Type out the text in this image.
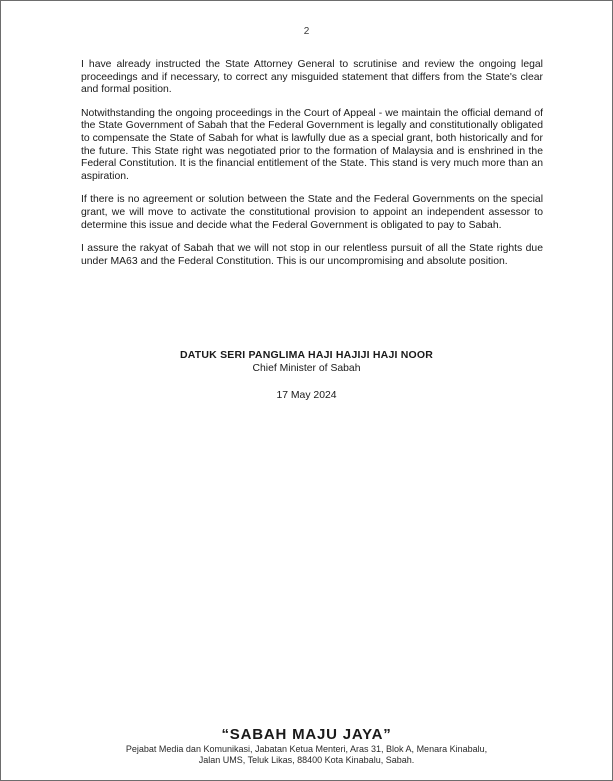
2

I have already instructed the State Attorney General to scrutinise and review the ongoing legal proceedings and if necessary, to correct any misguided statement that differs from the State's clear and formal position.

Notwithstanding the ongoing proceedings in the Court of Appeal - we maintain the official demand of the State Government of Sabah that the Federal Government is legally and constitutionally obligated to compensate the State of Sabah for what is lawfully due as a special grant, both historically and for the future. This State right was negotiated prior to the formation of Malaysia and is enshrined in the Federal Constitution. It is the financial entitlement of the State. This stand is very much more than an aspiration.

If there is no agreement or solution between the State and the Federal Governments on the special grant, we will move to activate the constitutional provision to appoint an independent assessor to determine this issue and decide what the Federal Government is obligated to pay to Sabah.

I assure the rakyat of Sabah that we will not stop in our relentless pursuit of all the State rights due under MA63 and the Federal Constitution. This is our uncompromising and absolute position.

DATUK SERI PANGLIMA HAJI HAJIJI HAJI NOOR
Chief Minister of Sabah
17 May 2024
“SABAH MAJU JAYA”
Pejabat Media dan Komunikasi, Jabatan Ketua Menteri, Aras 31, Blok A, Menara Kinabalu,
Jalan UMS, Teluk Likas, 88400 Kota Kinabalu, Sabah.
